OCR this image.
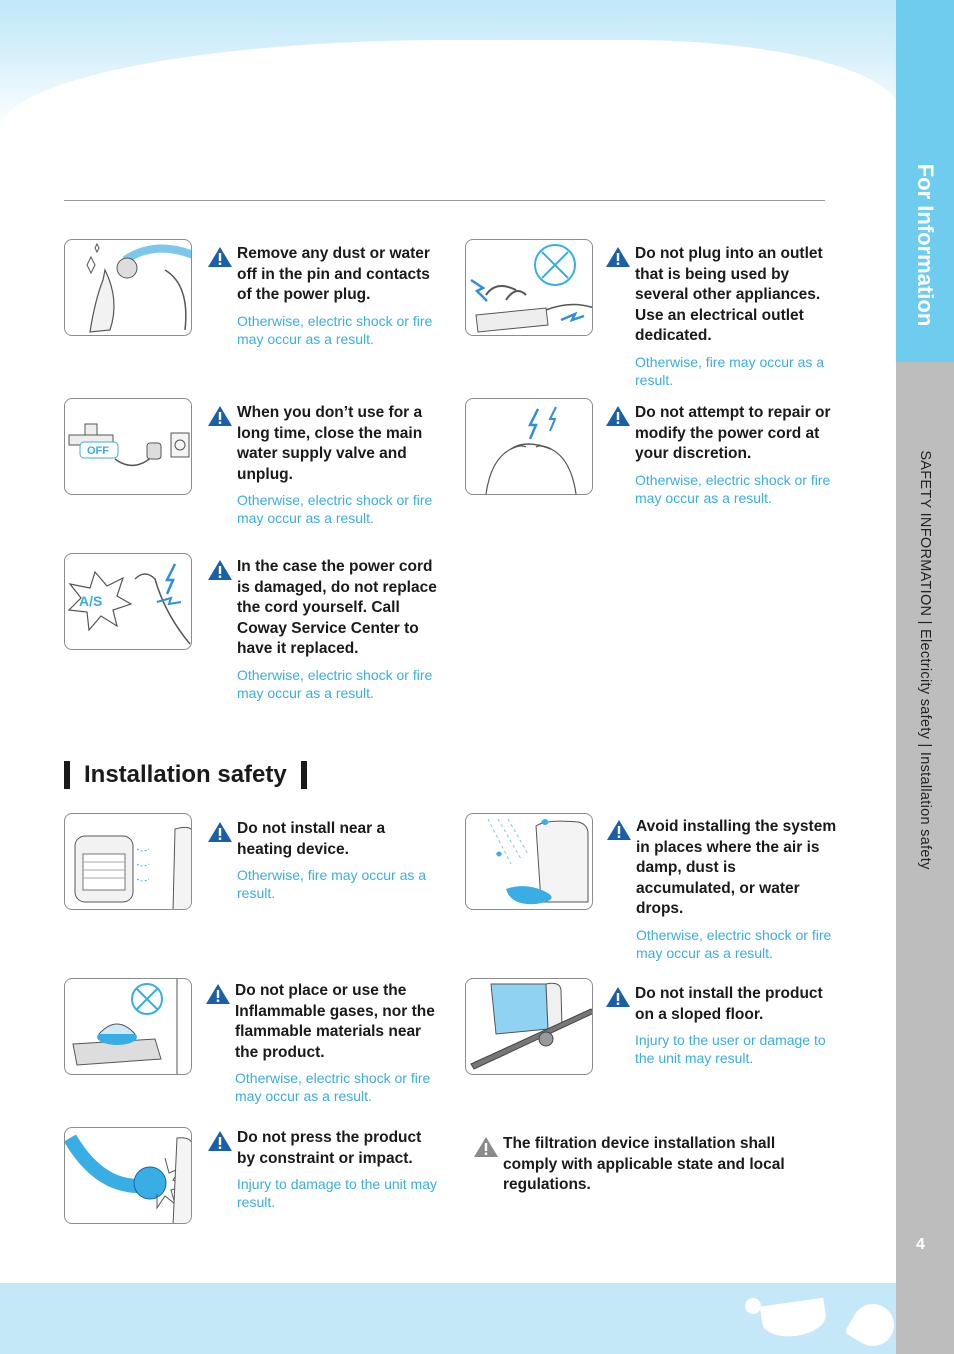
For Information
SAFETY INFORMATION | Electricity safety | Installation safety
4
Remove any dust or water off in the pin and contacts of the power plug.
Otherwise, electric shock or fire may occur as a result.
Do not plug into an outlet that is being used by several other appliances. Use an electrical outlet dedicated.
Otherwise, fire may occur as a result.
OFF
When you don’t use for a long time, close the main water supply valve and unplug.
Otherwise, electric shock or fire may occur as a result.
Do not attempt to repair or modify the power cord at your discretion.
Otherwise, electric shock or fire may occur as a result.
A/S
In the case the power cord is damaged, do not replace the cord yourself. Call Coway Service Center to have it replaced.
Otherwise, electric shock or fire may occur as a result.
Installation safety
Do not install near a heating device.
Otherwise, fire may occur as a result.
Avoid installing the system in places where the air is damp, dust is accumulated, or water drops.
Otherwise, electric shock or fire may occur as a result.
Do not place or use the Inflammable gases, nor the flammable materials near the product.
Otherwise, electric shock or fire may occur as a result.
Do not install the product on a sloped floor.
Injury to the user or damage to the unit may result.
Do not press the product by constraint or impact.
Injury to damage to the unit may result.
The filtration device installation shall comply with applicable state and local regulations.
